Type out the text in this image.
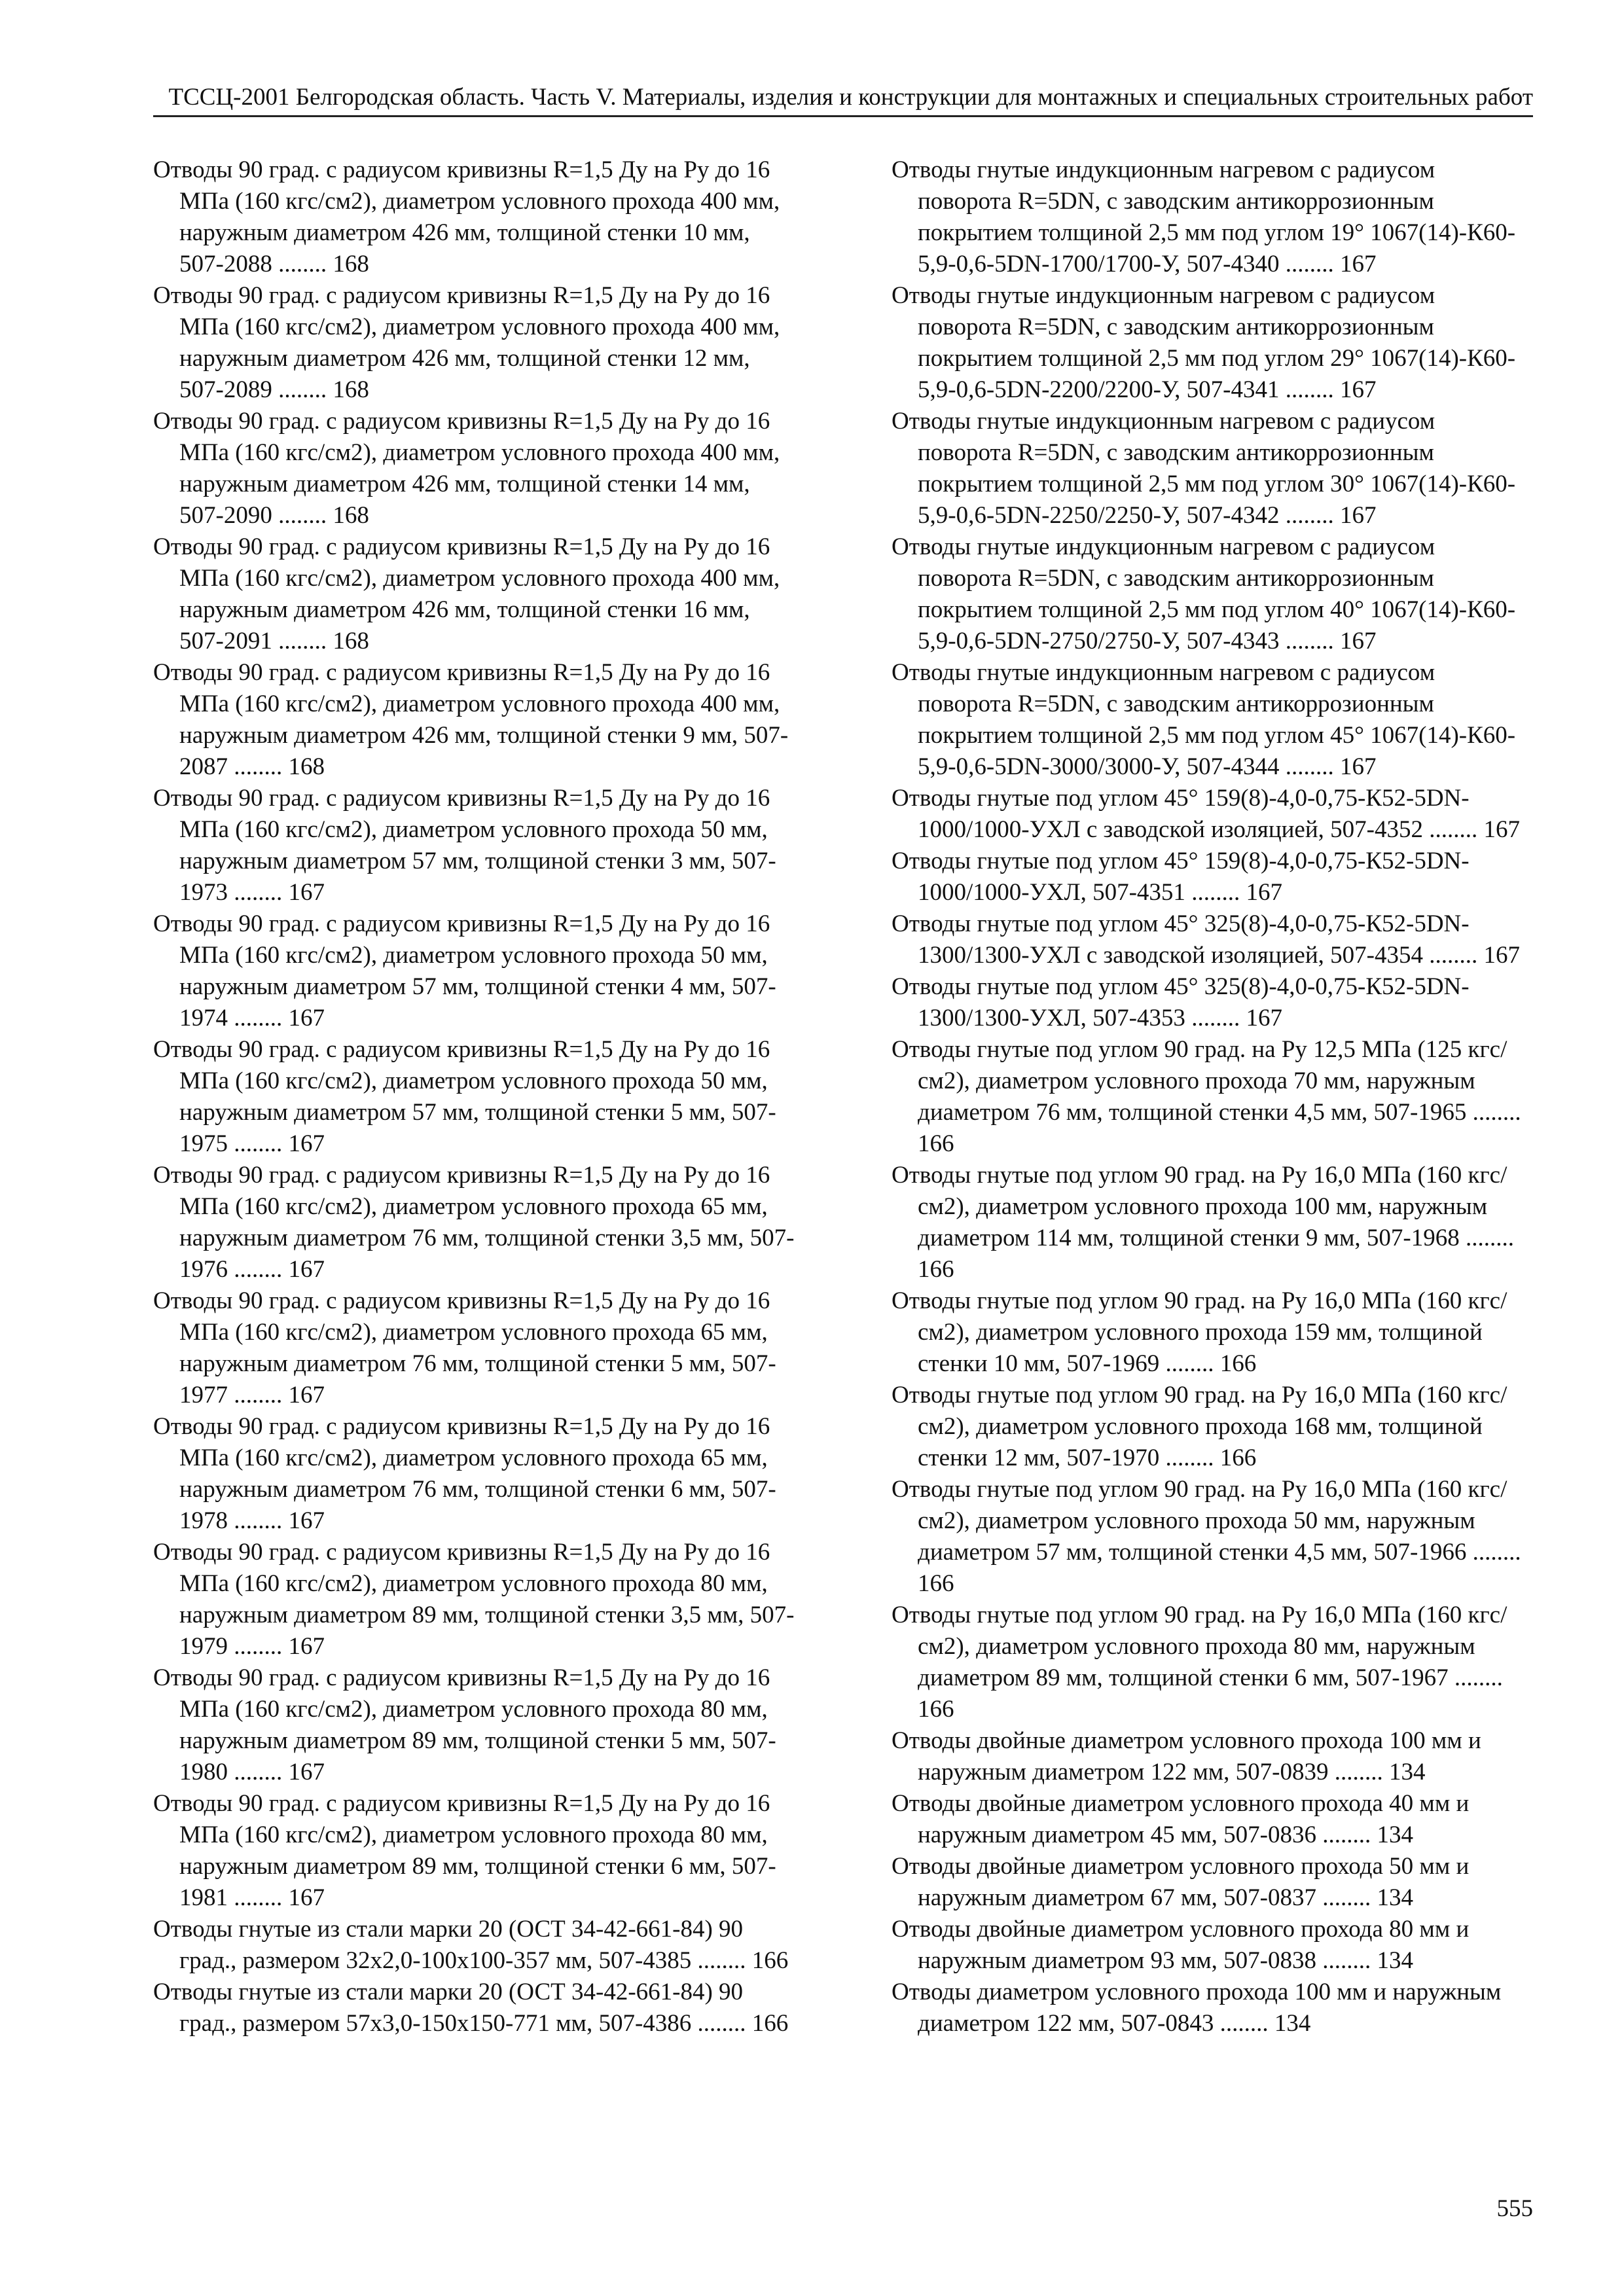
ТССЦ-2001 Белгородская область. Часть V. Материалы, изделия и конструкции для монтажных и специальных строительных работ

Отводы 90 град. с радиусом кривизны R=1,5 Ду на Ру до 16 МПа (160 кгс/см2), диаметром условного прохода 400 мм, наружным диаметром 426 мм, толщиной стенки 10 мм, 507-2088 ........ 168

Отводы 90 град. с радиусом кривизны R=1,5 Ду на Ру до 16 МПа (160 кгс/см2), диаметром условного прохода 400 мм, наружным диаметром 426 мм, толщиной стенки 12 мм, 507-2089 ........ 168

Отводы 90 град. с радиусом кривизны R=1,5 Ду на Ру до 16 МПа (160 кгс/см2), диаметром условного прохода 400 мм, наружным диаметром 426 мм, толщиной стенки 14 мм, 507-2090 ........ 168

Отводы 90 град. с радиусом кривизны R=1,5 Ду на Ру до 16 МПа (160 кгс/см2), диаметром условного прохода 400 мм, наружным диаметром 426 мм, толщиной стенки 16 мм, 507-2091 ........ 168

Отводы 90 град. с радиусом кривизны R=1,5 Ду на Ру до 16 МПа (160 кгс/см2), диаметром условного прохода 400 мм, наружным диаметром 426 мм, толщиной стенки 9 мм, 507-2087 ........ 168

Отводы 90 град. с радиусом кривизны R=1,5 Ду на Ру до 16 МПа (160 кгс/см2), диаметром условного прохода 50 мм, наружным диаметром 57 мм, толщиной стенки 3 мм, 507-1973 ........ 167

Отводы 90 град. с радиусом кривизны R=1,5 Ду на Ру до 16 МПа (160 кгс/см2), диаметром условного прохода 50 мм, наружным диаметром 57 мм, толщиной стенки 4 мм, 507-1974 ........ 167

Отводы 90 град. с радиусом кривизны R=1,5 Ду на Ру до 16 МПа (160 кгс/см2), диаметром условного прохода 50 мм, наружным диаметром 57 мм, толщиной стенки 5 мм, 507-1975 ........ 167

Отводы 90 град. с радиусом кривизны R=1,5 Ду на Ру до 16 МПа (160 кгс/см2), диаметром условного прохода 65 мм, наружным диаметром 76 мм, толщиной стенки 3,5 мм, 507-1976 ........ 167

Отводы 90 град. с радиусом кривизны R=1,5 Ду на Ру до 16 МПа (160 кгс/см2), диаметром условного прохода 65 мм, наружным диаметром 76 мм, толщиной стенки 5 мм, 507-1977 ........ 167

Отводы 90 град. с радиусом кривизны R=1,5 Ду на Ру до 16 МПа (160 кгс/см2), диаметром условного прохода 65 мм, наружным диаметром 76 мм, толщиной стенки 6 мм, 507-1978 ........ 167

Отводы 90 град. с радиусом кривизны R=1,5 Ду на Ру до 16 МПа (160 кгс/см2), диаметром условного прохода 80 мм, наружным диаметром 89 мм, толщиной стенки 3,5 мм, 507-1979 ........ 167

Отводы 90 град. с радиусом кривизны R=1,5 Ду на Ру до 16 МПа (160 кгс/см2), диаметром условного прохода 80 мм, наружным диаметром 89 мм, толщиной стенки 5 мм, 507-1980 ........ 167

Отводы 90 град. с радиусом кривизны R=1,5 Ду на Ру до 16 МПа (160 кгс/см2), диаметром условного прохода 80 мм, наружным диаметром 89 мм, толщиной стенки 6 мм, 507-1981 ........ 167

Отводы гнутые из стали марки 20 (ОСТ 34-42-661-84) 90 град., размером 32х2,0-100х100-357 мм, 507-4385 ........ 166

Отводы гнутые из стали марки 20 (ОСТ 34-42-661-84) 90 град., размером 57х3,0-150х150-771 мм, 507-4386 ........ 166

Отводы гнутые индукционным нагревом с радиусом поворота R=5DN, с заводским антикоррозионным покрытием толщиной 2,5 мм под углом 19° 1067(14)-К60-5,9-0,6-5DN-1700/1700-У, 507-4340 ........ 167

Отводы гнутые индукционным нагревом с радиусом поворота R=5DN, с заводским антикоррозионным покрытием толщиной 2,5 мм под углом 29° 1067(14)-К60-5,9-0,6-5DN-2200/2200-У, 507-4341 ........ 167

Отводы гнутые индукционным нагревом с радиусом поворота R=5DN, с заводским антикоррозионным покрытием толщиной 2,5 мм под углом 30° 1067(14)-К60-5,9-0,6-5DN-2250/2250-У, 507-4342 ........ 167

Отводы гнутые индукционным нагревом с радиусом поворота R=5DN, с заводским антикоррозионным покрытием толщиной 2,5 мм под углом 40° 1067(14)-К60-5,9-0,6-5DN-2750/2750-У, 507-4343 ........ 167

Отводы гнутые индукционным нагревом с радиусом поворота R=5DN, с заводским антикоррозионным покрытием толщиной 2,5 мм под углом 45° 1067(14)-К60-5,9-0,6-5DN-3000/3000-У, 507-4344 ........ 167

Отводы гнутые под углом 45° 159(8)-4,0-0,75-К52-5DN-1000/1000-УХЛ с заводской изоляцией, 507-4352 ........ 167

Отводы гнутые под углом 45° 159(8)-4,0-0,75-К52-5DN-1000/1000-УХЛ, 507-4351 ........ 167

Отводы гнутые под углом 45° 325(8)-4,0-0,75-К52-5DN-1300/1300-УХЛ с заводской изоляцией, 507-4354 ........ 167

Отводы гнутые под углом 45° 325(8)-4,0-0,75-К52-5DN-1300/1300-УХЛ, 507-4353 ........ 167

Отводы гнутые под углом 90 град. на Ру 12,5 МПа (125 кгс/см2), диаметром условного прохода 70 мм, наружным диаметром 76 мм, толщиной стенки 4,5 мм, 507-1965 ........ 166

Отводы гнутые под углом 90 град. на Ру 16,0 МПа (160 кгс/см2), диаметром условного прохода 100 мм, наружным диаметром 114 мм, толщиной стенки 9 мм, 507-1968 ........ 166

Отводы гнутые под углом 90 град. на Ру 16,0 МПа (160 кгс/см2), диаметром условного прохода 159 мм, толщиной стенки 10 мм, 507-1969 ........ 166

Отводы гнутые под углом 90 град. на Ру 16,0 МПа (160 кгс/см2), диаметром условного прохода 168 мм, толщиной стенки 12 мм, 507-1970 ........ 166

Отводы гнутые под углом 90 град. на Ру 16,0 МПа (160 кгс/см2), диаметром условного прохода 50 мм, наружным диаметром 57 мм, толщиной стенки 4,5 мм, 507-1966 ........ 166

Отводы гнутые под углом 90 град. на Ру 16,0 МПа (160 кгс/см2), диаметром условного прохода 80 мм, наружным диаметром 89 мм, толщиной стенки 6 мм, 507-1967 ........ 166

Отводы двойные диаметром условного прохода 100 мм и наружным диаметром 122 мм, 507-0839 ........ 134

Отводы двойные диаметром условного прохода 40 мм и наружным диаметром 45 мм, 507-0836 ........ 134

Отводы двойные диаметром условного прохода 50 мм и наружным диаметром 67 мм, 507-0837 ........ 134

Отводы двойные диаметром условного прохода 80 мм и наружным диаметром 93 мм, 507-0838 ........ 134

Отводы диаметром условного прохода 100 мм и наружным диаметром 122 мм, 507-0843 ........ 134

555
